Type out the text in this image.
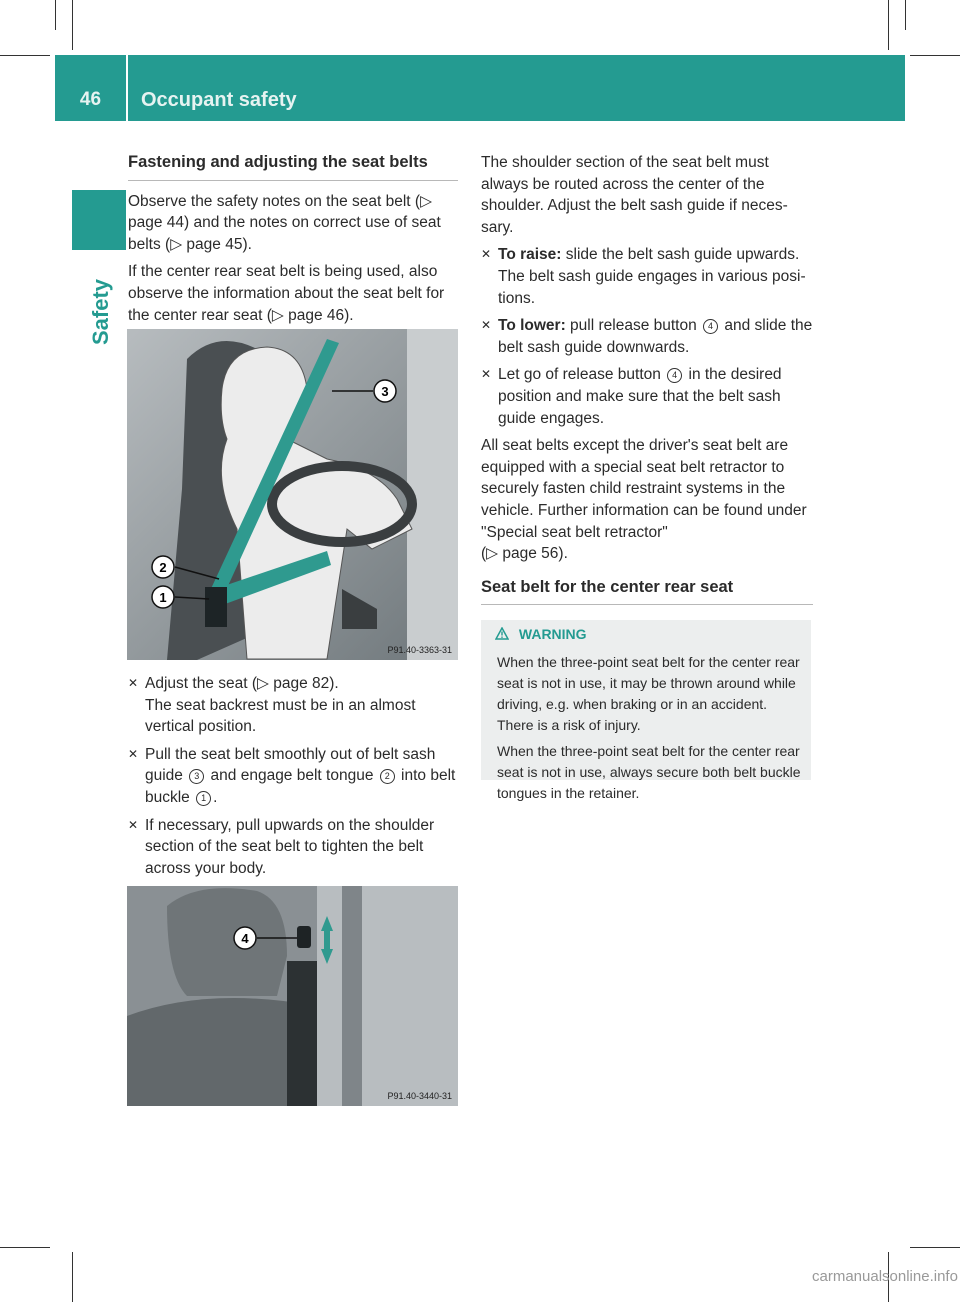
46	Occupant safety
Safety
Fastening and adjusting the seat belts

Observe the safety notes on the seat belt (▷ page 44) and the notes on correct use of seat belts (▷ page 45).

If the center rear seat belt is being used, also observe the information about the seat belt for the center rear seat (▷ page 46).

3
2
1
P91.40-3363-31
✕ Adjust the seat (▷ page 82).
The seat backrest must be in an almost vertical position.
✕ Pull the seat belt smoothly out of belt sash guide 3 and engage belt tongue 2 into belt buckle 1 .
✕ If necessary, pull upwards on the shoulder section of the seat belt to tighten the belt across your body.
4
P91.40-3440-31

The shoulder section of the seat belt must always be routed across the center of the shoulder. Adjust the belt sash guide if neces-sary.

✕ To raise: slide the belt sash guide upwards. The belt sash guide engages in various posi-tions.
✕ To lower: pull release button 4 and slide the belt sash guide downwards.
✕ Let go of release button 4 in the desired position and make sure that the belt sash guide engages.

All seat belts except the driver's seat belt are equipped with a special seat belt retractor to securely fasten child restraint systems in the vehicle. Further information can be found under "Special seat belt retractor"
(▷ page 56).

Seat belt for the center rear seat
WARNING

When the three-point seat belt for the center rear seat is not in use, it may be thrown around while driving, e.g. when braking or in an accident. There is a risk of injury.

When the three-point seat belt for the center rear seat is not in use, always secure both belt buckle tongues in the retainer.

carmanualsonline.info
